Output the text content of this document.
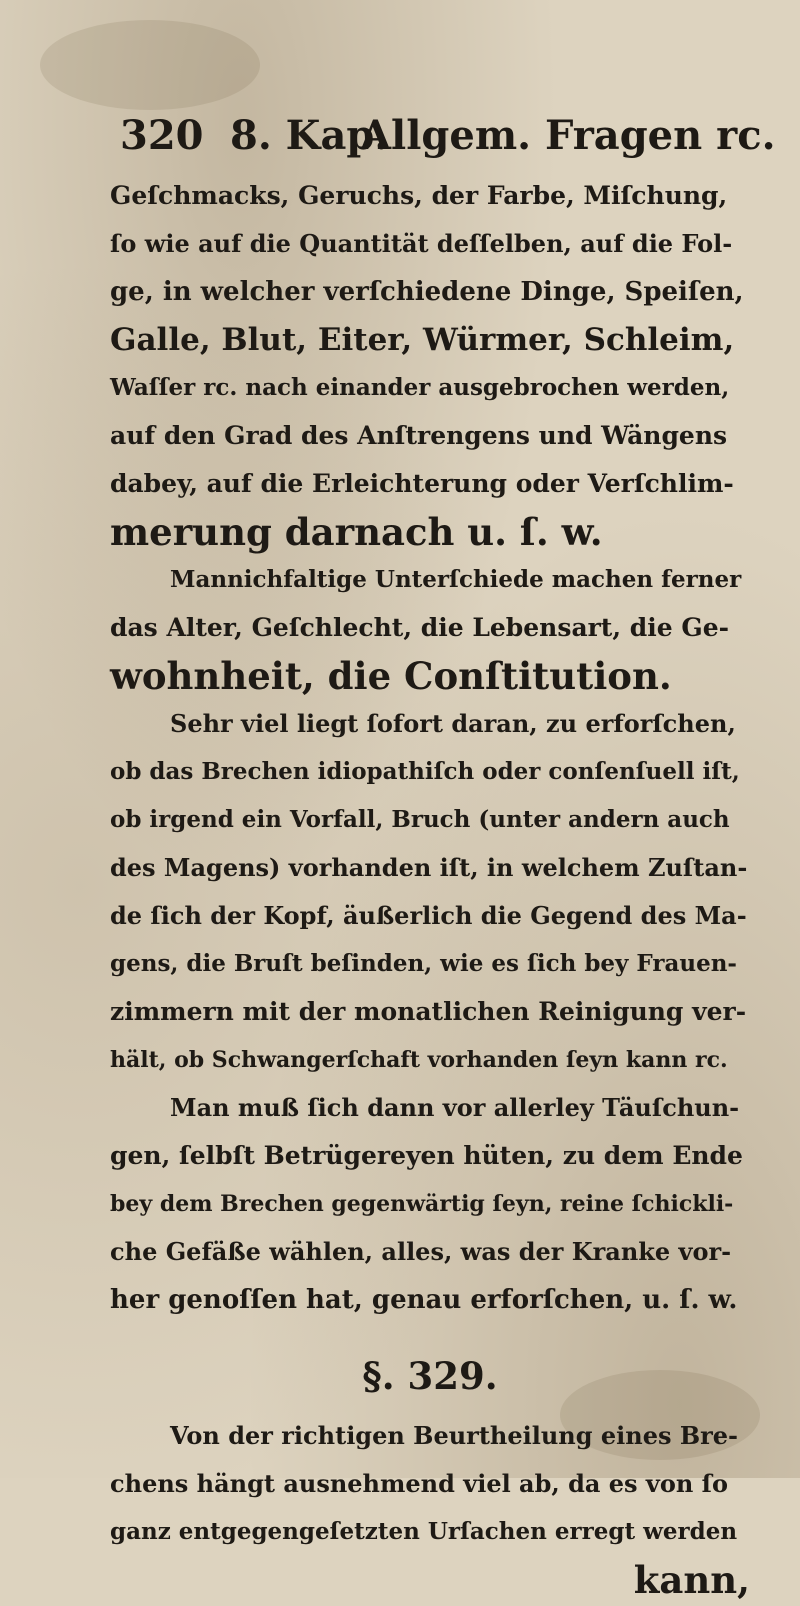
320 8. Kap.
Allgem. Fragen rc.
Geſchmacks, Geruchs, der Farbe, Miſchung,
ſo wie auf die Quantität deſſelben, auf die Fol-
ge, in welcher verſchiedene Dinge, Speiſen,
Galle, Blut, Eiter, Würmer, Schleim,
Waſſer rc. nach einander ausgebrochen werden,
auf den Grad des Anſtrengens und Wängens
dabey, auf die Erleichterung oder Verſchlim-
merung darnach u. ſ. w.
Mannichfaltige Unterſchiede machen ferner
das Alter, Geſchlecht, die Lebensart, die Ge-
wohnheit, die Conſtitution.
Sehr viel liegt ſofort daran, zu erforſchen,
ob das Brechen idiopathiſch oder conſenſuell iſt,
ob irgend ein Vorfall, Bruch (unter andern auch
des Magens) vorhanden iſt, in welchem Zuſtan-
de ſich der Kopf, äußerlich die Gegend des Ma-
gens, die Bruſt beſinden, wie es ſich bey Frauen-
zimmern mit der monatlichen Reinigung ver-
hält, ob Schwangerſchaft vorhanden ſeyn kann rc.
Man muß ſich dann vor allerley Täuſchun-
gen, ſelbſt Betrügereyen hüten, zu dem Ende
bey dem Brechen gegenwärtig ſeyn, reine ſchickli-
che Gefäße wählen, alles, was der Kranke vor-
her genoſſen hat, genau erforſchen, u. ſ. w.
§. 329.
Von der richtigen Beurtheilung eines Bre-
chens hängt ausnehmend viel ab, da es von ſo
ganz entgegengeſetzten Urſachen erregt werden
kann,
